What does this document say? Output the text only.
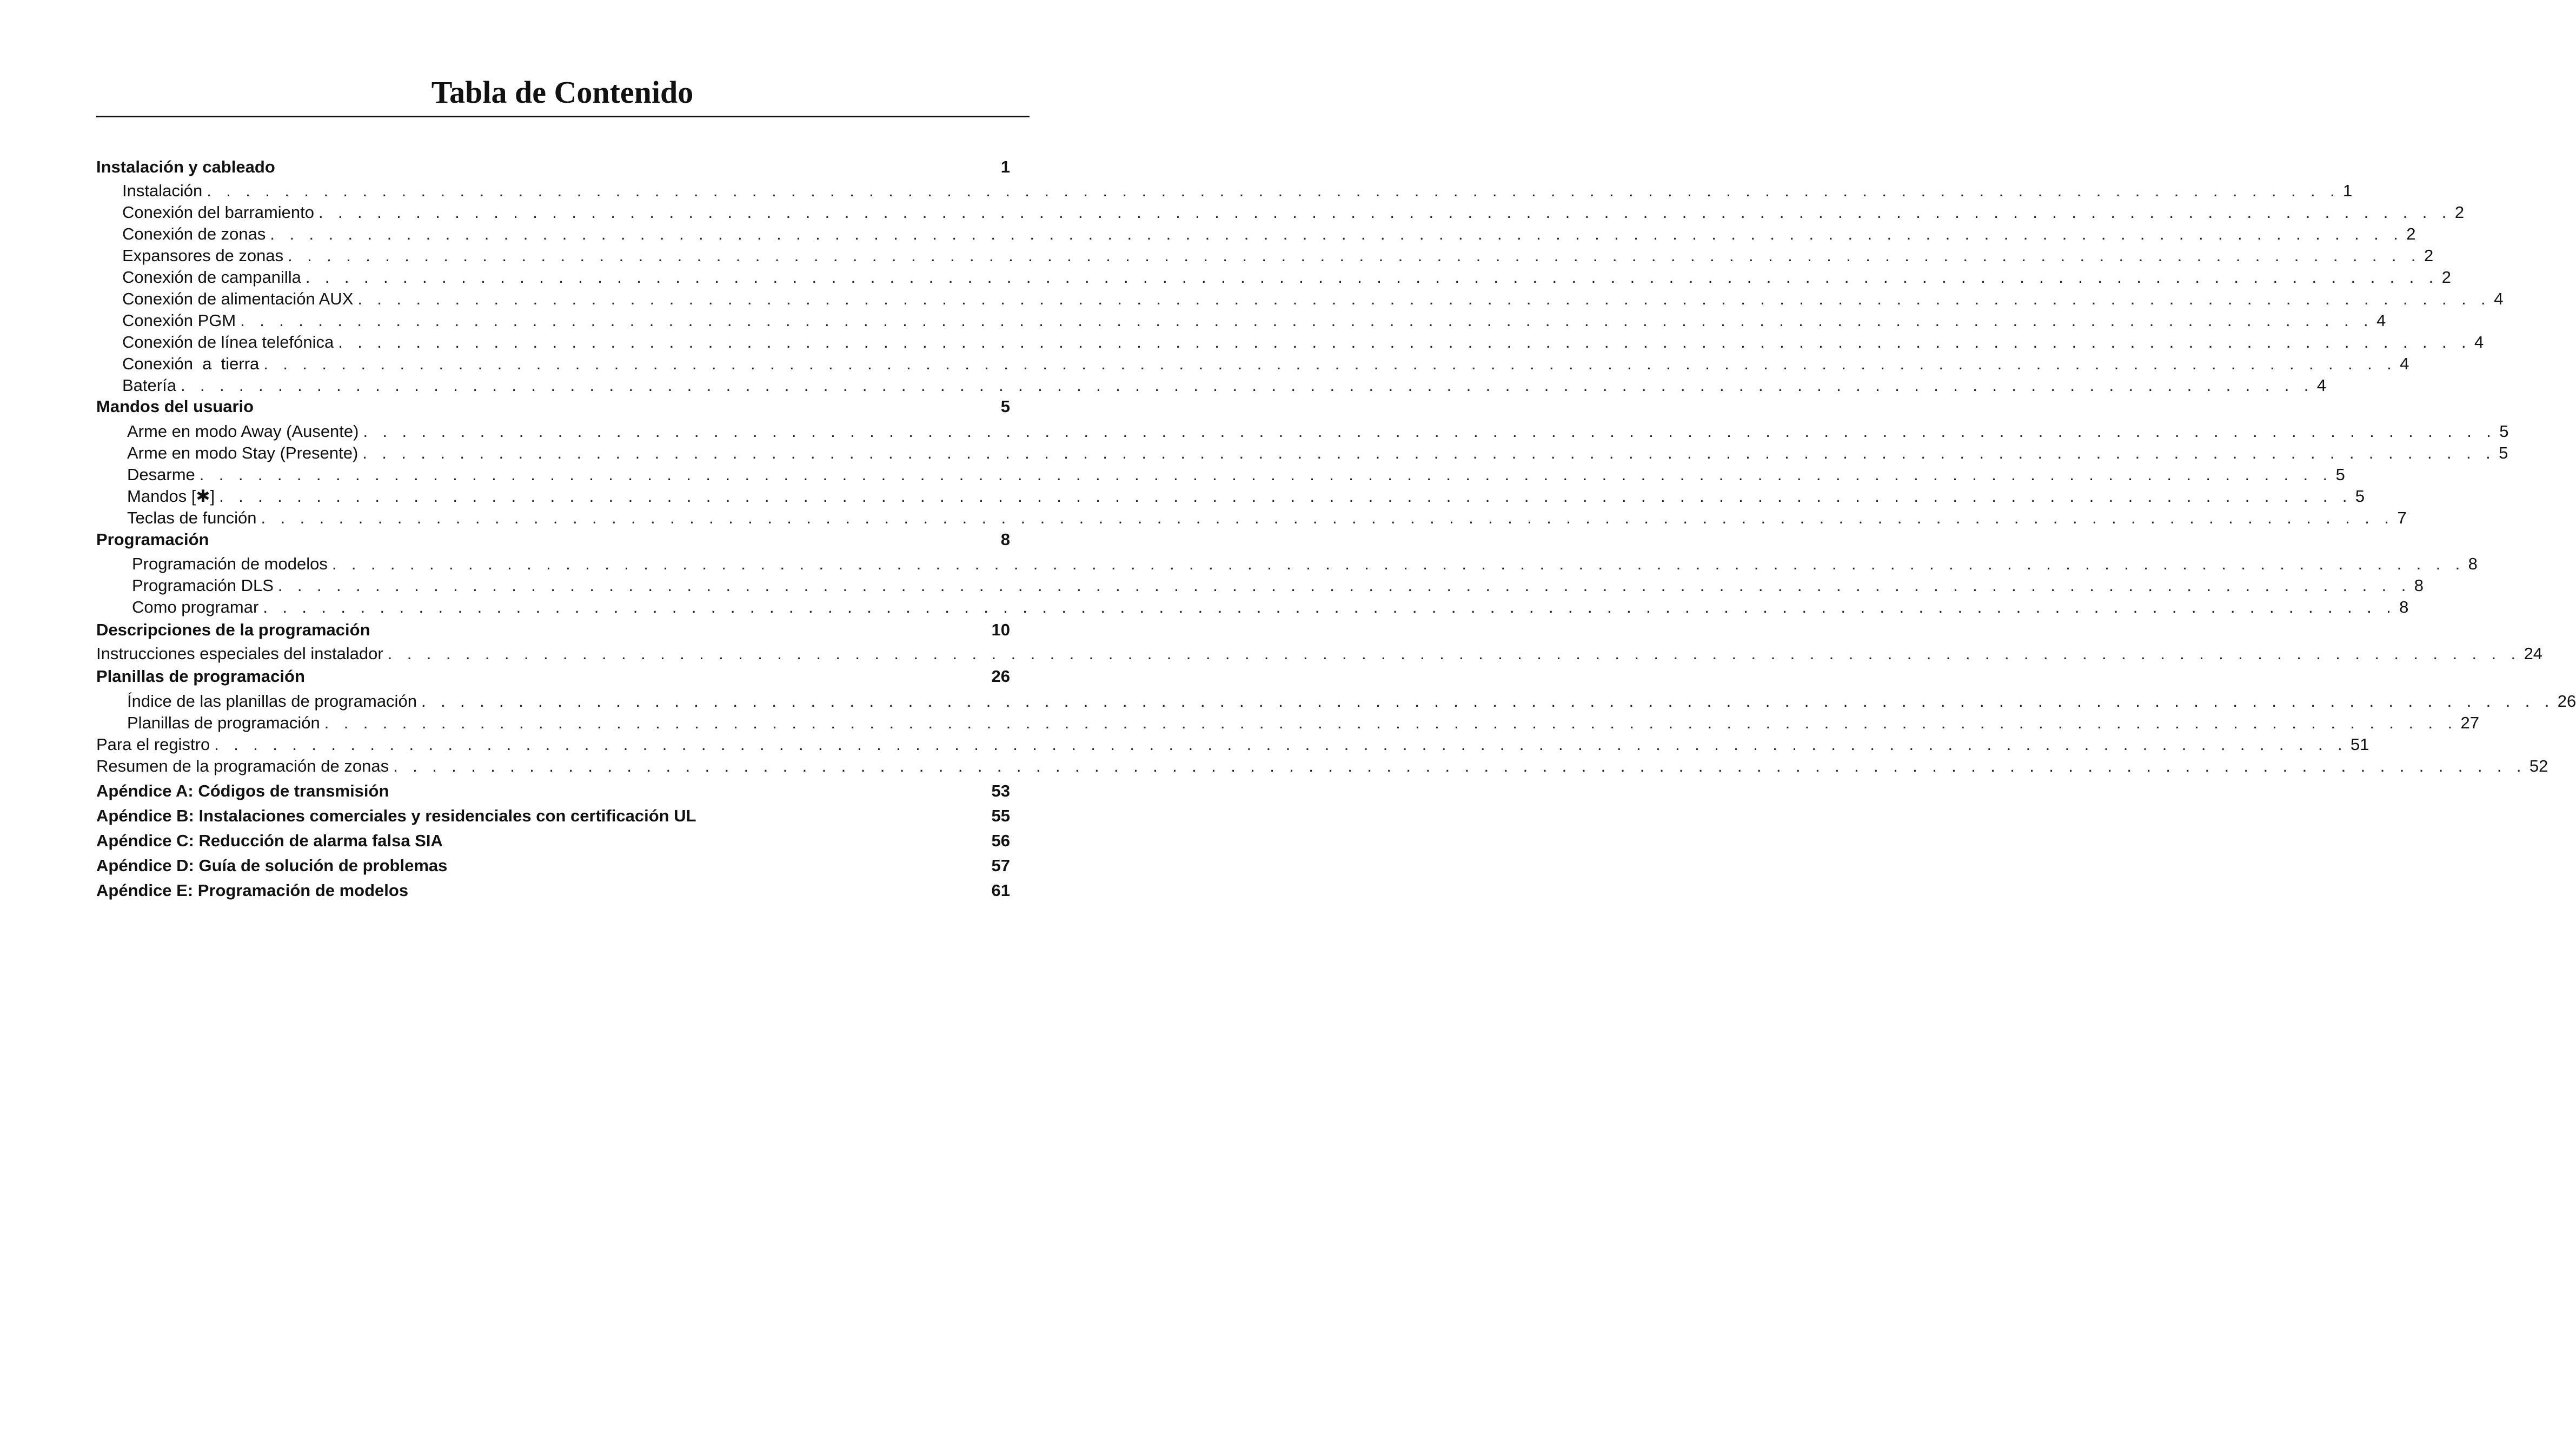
Tabla de Contenido
Instalación y cableado	1
Instalación . . . . . . . . . . . . . . . . . . . . . . . . . . . . . . . . . . . . . . . . . . . . . . . . . . . . . . . . . . . . . . . . . . . . . . . . . . . . . . . . . . . . . . . . . . . . . . . . . . . . . . . . . . . . . . 1
Conexión del barramiento . . . . . . . . . . . . . . . . . . . . . . . . . . . . . . . . . . . . . . . . . . . . . . . . . . . . . . . . . . . . . . . . . . . . . . . . . . . . . . . . . . . . . . . . . . . . . . . . . . . . . . . . . . . . . . 2
Conexión de zonas . . . . . . . . . . . . . . . . . . . . . . . . . . . . . . . . . . . . . . . . . . . . . . . . . . . . . . . . . . . . . . . . . . . . . . . . . . . . . . . . . . . . . . . . . . . . . . . . . . . . . . . . . . . . . . 2
Expansores de zonas . . . . . . . . . . . . . . . . . . . . . . . . . . . . . . . . . . . . . . . . . . . . . . . . . . . . . . . . . . . . . . . . . . . . . . . . . . . . . . . . . . . . . . . . . . . . . . . . . . . . . . . . . . . . . . 2
Conexión de campanilla . . . . . . . . . . . . . . . . . . . . . . . . . . . . . . . . . . . . . . . . . . . . . . . . . . . . . . . . . . . . . . . . . . . . . . . . . . . . . . . . . . . . . . . . . . . . . . . . . . . . . . . . . . . . . . 2
Conexión de alimentación AUX . . . . . . . . . . . . . . . . . . . . . . . . . . . . . . . . . . . . . . . . . . . . . . . . . . . . . . . . . . . . . . . . . . . . . . . . . . . . . . . . . . . . . . . . . . . . . . . . . . . . . . . . . . . . . . 4
Conexión PGM . . . . . . . . . . . . . . . . . . . . . . . . . . . . . . . . . . . . . . . . . . . . . . . . . . . . . . . . . . . . . . . . . . . . . . . . . . . . . . . . . . . . . . . . . . . . . . . . . . . . . . . . . . . . . . 4
Conexión de línea telefónica . . . . . . . . . . . . . . . . . . . . . . . . . . . . . . . . . . . . . . . . . . . . . . . . . . . . . . . . . . . . . . . . . . . . . . . . . . . . . . . . . . . . . . . . . . . . . . . . . . . . . . . . . . . . . . 4
Conexión  a  tierra . . . . . . . . . . . . . . . . . . . . . . . . . . . . . . . . . . . . . . . . . . . . . . . . . . . . . . . . . . . . . . . . . . . . . . . . . . . . . . . . . . . . . . . . . . . . . . . . . . . . . . . . . . . . . . 4
Batería . . . . . . . . . . . . . . . . . . . . . . . . . . . . . . . . . . . . . . . . . . . . . . . . . . . . . . . . . . . . . . . . . . . . . . . . . . . . . . . . . . . . . . . . . . . . . . . . . . . . . . . . . . . . . . 4
Mandos del usuario	5
Arme en modo Away (Ausente) . . . . . . . . . . . . . . . . . . . . . . . . . . . . . . . . . . . . . . . . . . . . . . . . . . . . . . . . . . . . . . . . . . . . . . . . . . . . . . . . . . . . . . . . . . . . . . . . . . . . . . . . . . . . . . 5
Arme en modo Stay (Presente) . . . . . . . . . . . . . . . . . . . . . . . . . . . . . . . . . . . . . . . . . . . . . . . . . . . . . . . . . . . . . . . . . . . . . . . . . . . . . . . . . . . . . . . . . . . . . . . . . . . . . . . . . . . . . . 5
Desarme . . . . . . . . . . . . . . . . . . . . . . . . . . . . . . . . . . . . . . . . . . . . . . . . . . . . . . . . . . . . . . . . . . . . . . . . . . . . . . . . . . . . . . . . . . . . . . . . . . . . . . . . . . . . . . 5
Mandos [✱] . . . . . . . . . . . . . . . . . . . . . . . . . . . . . . . . . . . . . . . . . . . . . . . . . . . . . . . . . . . . . . . . . . . . . . . . . . . . . . . . . . . . . . . . . . . . . . . . . . . . . . . . . . . . . . 5
Teclas de función . . . . . . . . . . . . . . . . . . . . . . . . . . . . . . . . . . . . . . . . . . . . . . . . . . . . . . . . . . . . . . . . . . . . . . . . . . . . . . . . . . . . . . . . . . . . . . . . . . . . . . . . . . . . . . 7
Programación	8
Programación de modelos . . . . . . . . . . . . . . . . . . . . . . . . . . . . . . . . . . . . . . . . . . . . . . . . . . . . . . . . . . . . . . . . . . . . . . . . . . . . . . . . . . . . . . . . . . . . . . . . . . . . . . . . . . . . . . 8
Programación DLS . . . . . . . . . . . . . . . . . . . . . . . . . . . . . . . . . . . . . . . . . . . . . . . . . . . . . . . . . . . . . . . . . . . . . . . . . . . . . . . . . . . . . . . . . . . . . . . . . . . . . . . . . . . . . . 8
Como programar . . . . . . . . . . . . . . . . . . . . . . . . . . . . . . . . . . . . . . . . . . . . . . . . . . . . . . . . . . . . . . . . . . . . . . . . . . . . . . . . . . . . . . . . . . . . . . . . . . . . . . . . . . . . . . 8
Descripciones de la programación	10
Instrucciones especiales del instalador . . . . . . . . . . . . . . . . . . . . . . . . . . . . . . . . . . . . . . . . . . . . . . . . . . . . . . . . . . . . . . . . . . . . . . . . . . . . . . . . . . . . . . . . . . . . . . . . . . . . . . . . . . . . . . 24
Planillas de programación	26
Índice de las planillas de programación . . . . . . . . . . . . . . . . . . . . . . . . . . . . . . . . . . . . . . . . . . . . . . . . . . . . . . . . . . . . . . . . . . . . . . . . . . . . . . . . . . . . . . . . . . . . . . . . . . . . . . . . . . . . . . 26
Planillas de programación . . . . . . . . . . . . . . . . . . . . . . . . . . . . . . . . . . . . . . . . . . . . . . . . . . . . . . . . . . . . . . . . . . . . . . . . . . . . . . . . . . . . . . . . . . . . . . . . . . . . . . . . . . . . . . 27
Para el registro . . . . . . . . . . . . . . . . . . . . . . . . . . . . . . . . . . . . . . . . . . . . . . . . . . . . . . . . . . . . . . . . . . . . . . . . . . . . . . . . . . . . . . . . . . . . . . . . . . . . . . . . . . . . . . 51
Resumen de la programación de zonas . . . . . . . . . . . . . . . . . . . . . . . . . . . . . . . . . . . . . . . . . . . . . . . . . . . . . . . . . . . . . . . . . . . . . . . . . . . . . . . . . . . . . . . . . . . . . . . . . . . . . . . . . . . . . . 52
Apéndice A: Códigos de transmisión	53
Apéndice B: Instalaciones comerciales y residenciales con certificación UL	55
Apéndice C: Reducción de alarma falsa SIA	56
Apéndice D: Guía de solución de problemas	57
Apéndice E: Programación de modelos	61
